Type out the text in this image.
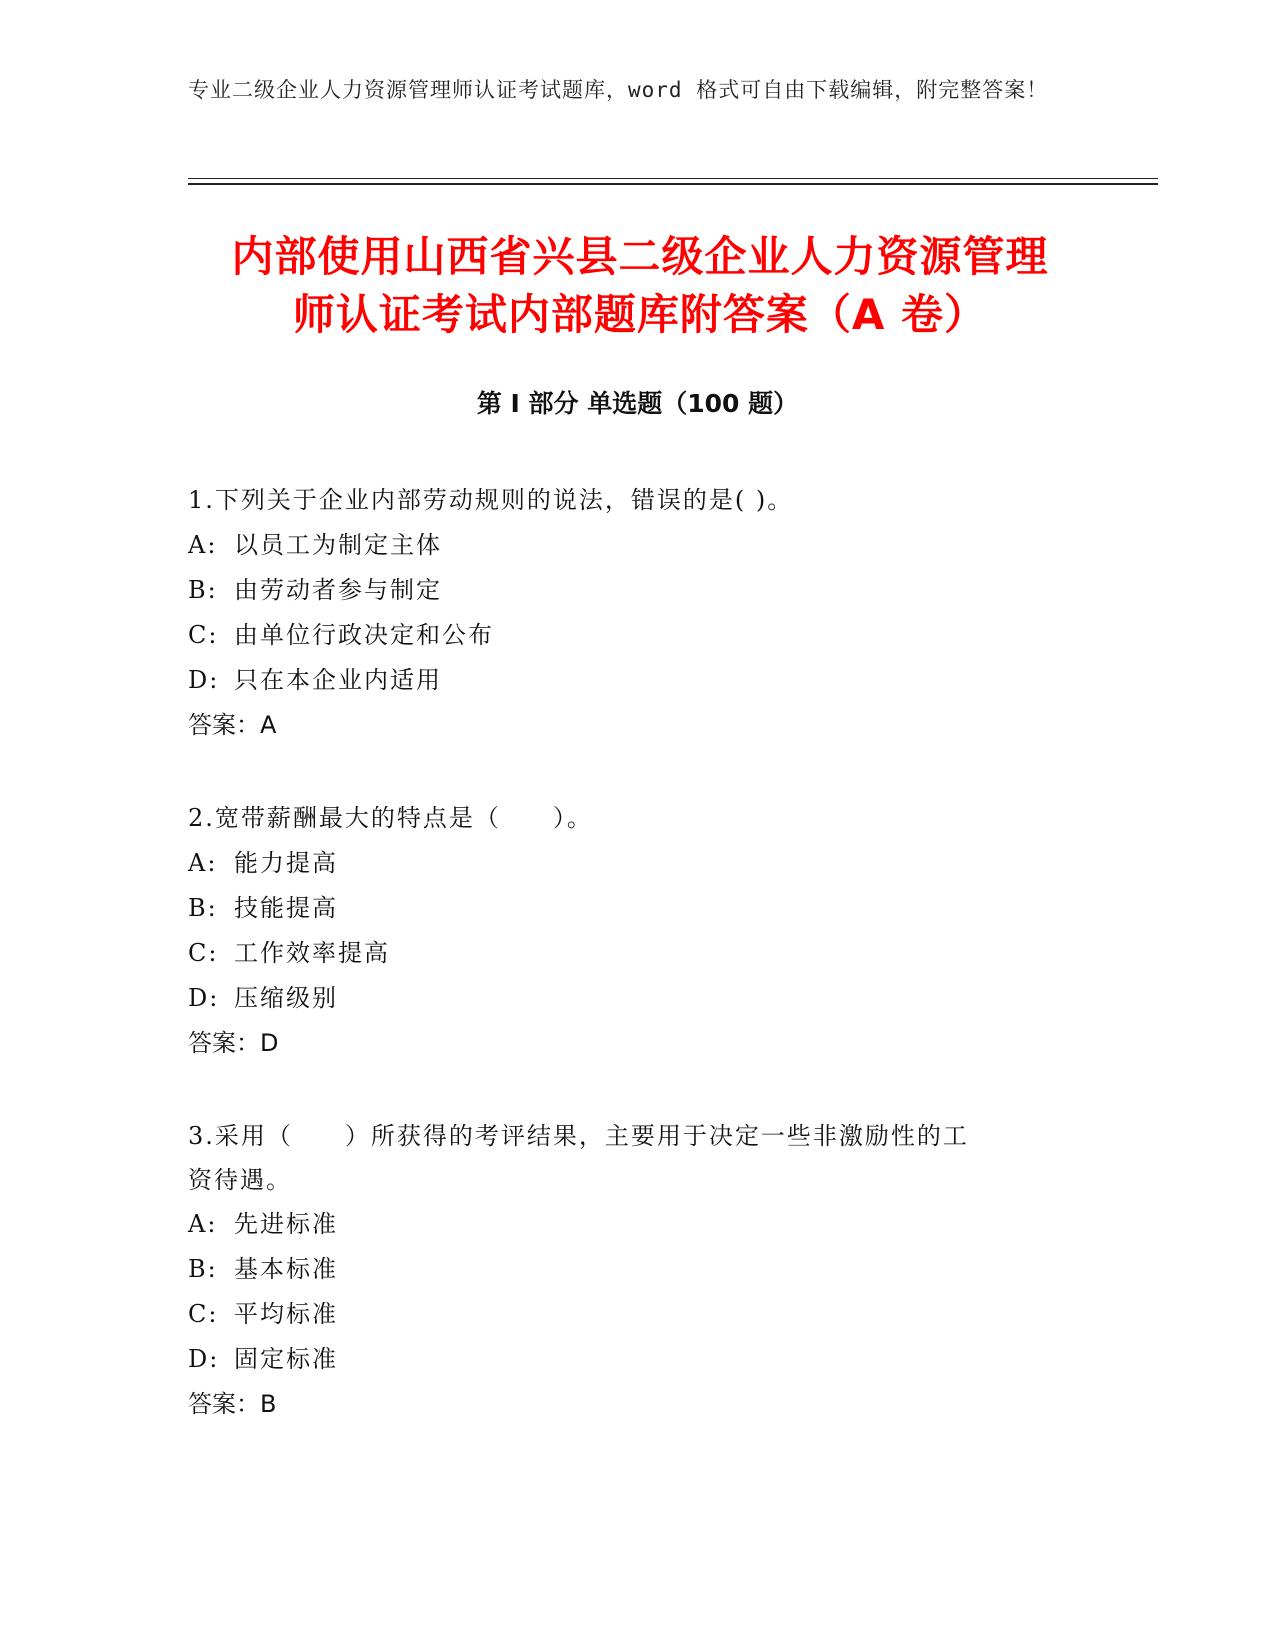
专业二级企业人力资源管理师认证考试题库，word 格式可自由下载编辑，附完整答案！
内部使用山西省兴县二级企业人力资源管理
师认证考试内部题库附答案（A 卷）
第 I 部分 单选题（100 题）

1.下列关于企业内部劳动规则的说法，错误的是( )。

A: 以员工为制定主体

B: 由劳动者参与制定

C: 由单位行政决定和公布

D: 只在本企业内适用

答案：A

2.宽带薪酬最大的特点是（　　）。

A: 能力提高

B: 技能提高

C: 工作效率提高

D: 压缩级别

答案：D

3.采用（　　）所获得的考评结果，主要用于决定一些非激励性的工

资待遇。

A: 先进标准

B: 基本标准

C: 平均标准

D: 固定标准

答案：B
